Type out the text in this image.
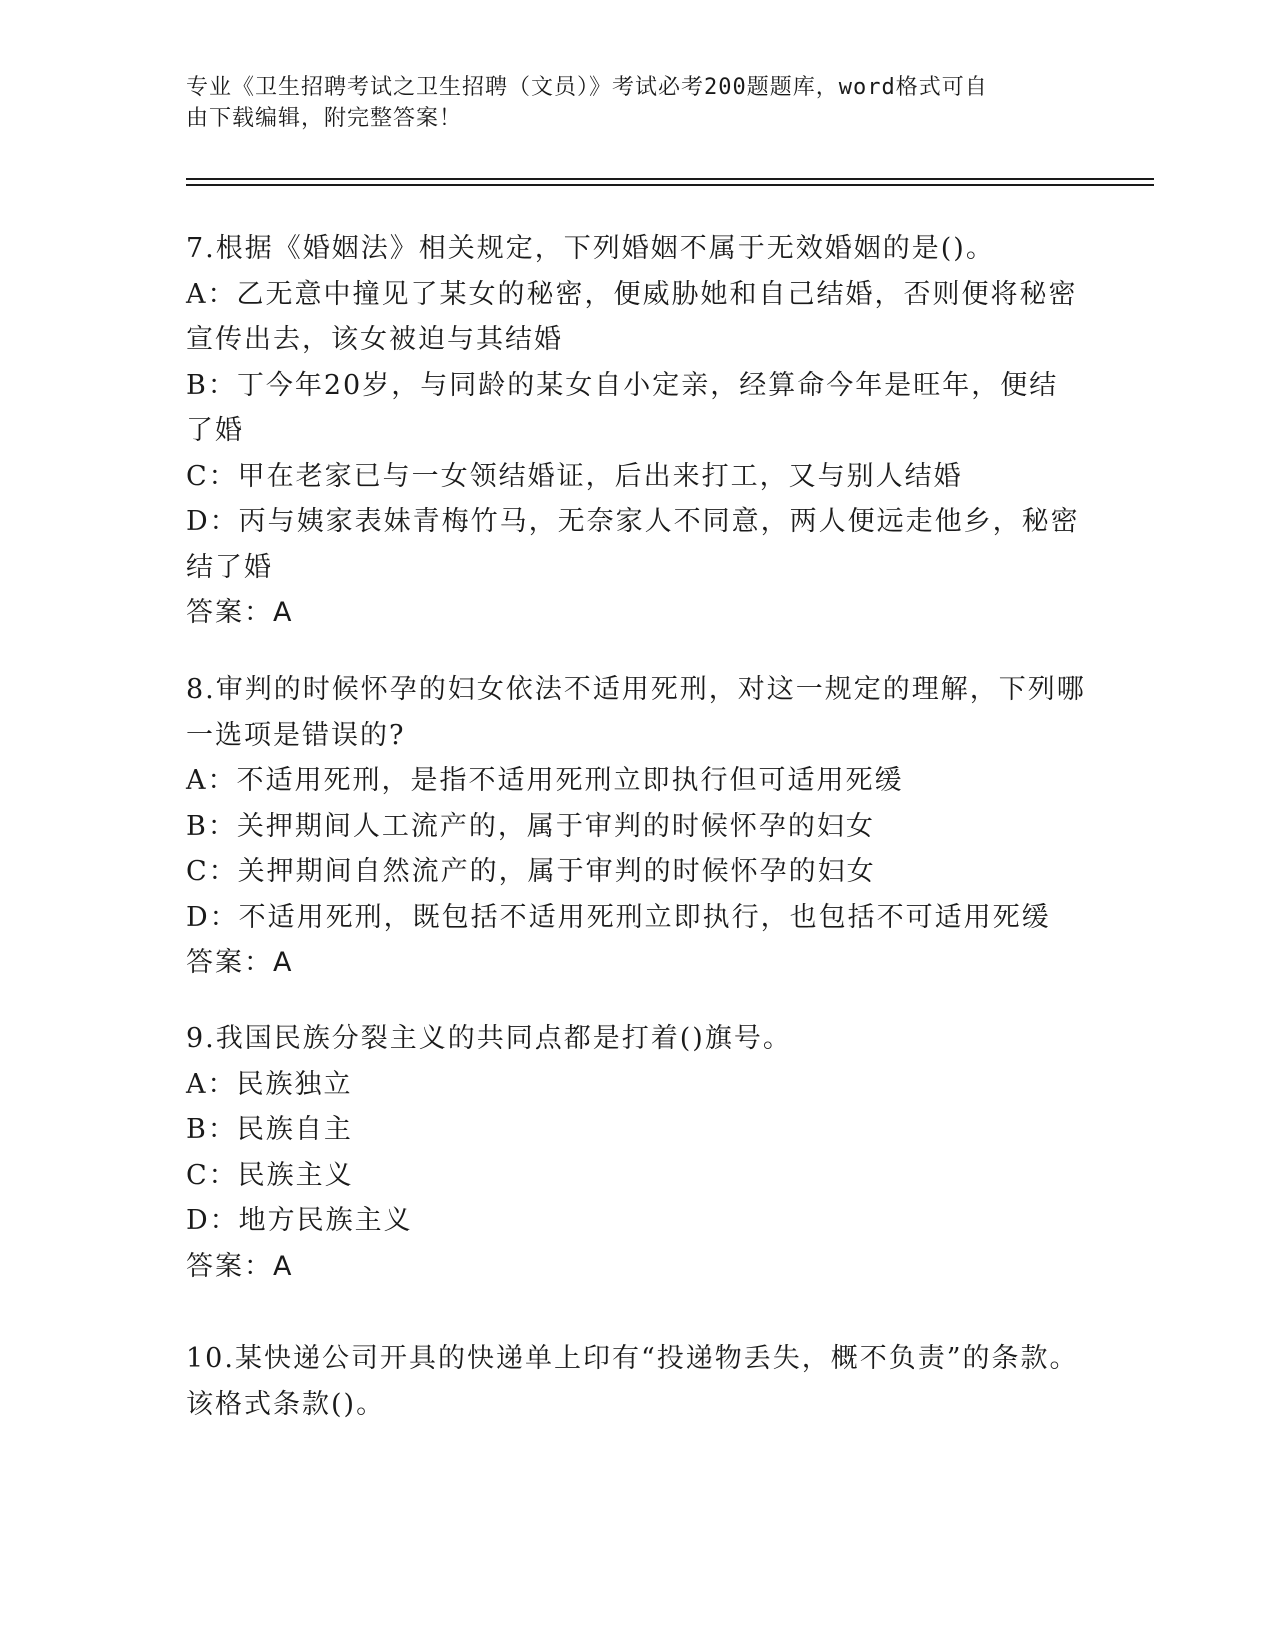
专业《卫生招聘考试之卫生招聘（文员）》考试必考200题题库，word格式可自
由下载编辑，附完整答案！

7.根据《婚姻法》相关规定，下列婚姻不属于无效婚姻的是()。

A：乙无意中撞见了某女的秘密，便威胁她和自己结婚，否则便将秘密宣传出去，该女被迫与其结婚

B：丁今年20岁，与同龄的某女自小定亲，经算命今年是旺年，便结了婚

C：甲在老家已与一女领结婚证，后出来打工，又与别人结婚

D：丙与姨家表妹青梅竹马，无奈家人不同意，两人便远走他乡，秘密结了婚

答案：A

8.审判的时候怀孕的妇女依法不适用死刑，对这一规定的理解，下列哪一选项是错误的?

A：不适用死刑，是指不适用死刑立即执行但可适用死缓

B：关押期间人工流产的，属于审判的时候怀孕的妇女

C：关押期间自然流产的，属于审判的时候怀孕的妇女

D：不适用死刑，既包括不适用死刑立即执行，也包括不可适用死缓

答案：A

9.我国民族分裂主义的共同点都是打着()旗号。

A：民族独立

B：民族自主

C：民族主义

D：地方民族主义

答案：A

10.某快递公司开具的快递单上印有“投递物丢失，概不负责”的条款。该格式条款()。
